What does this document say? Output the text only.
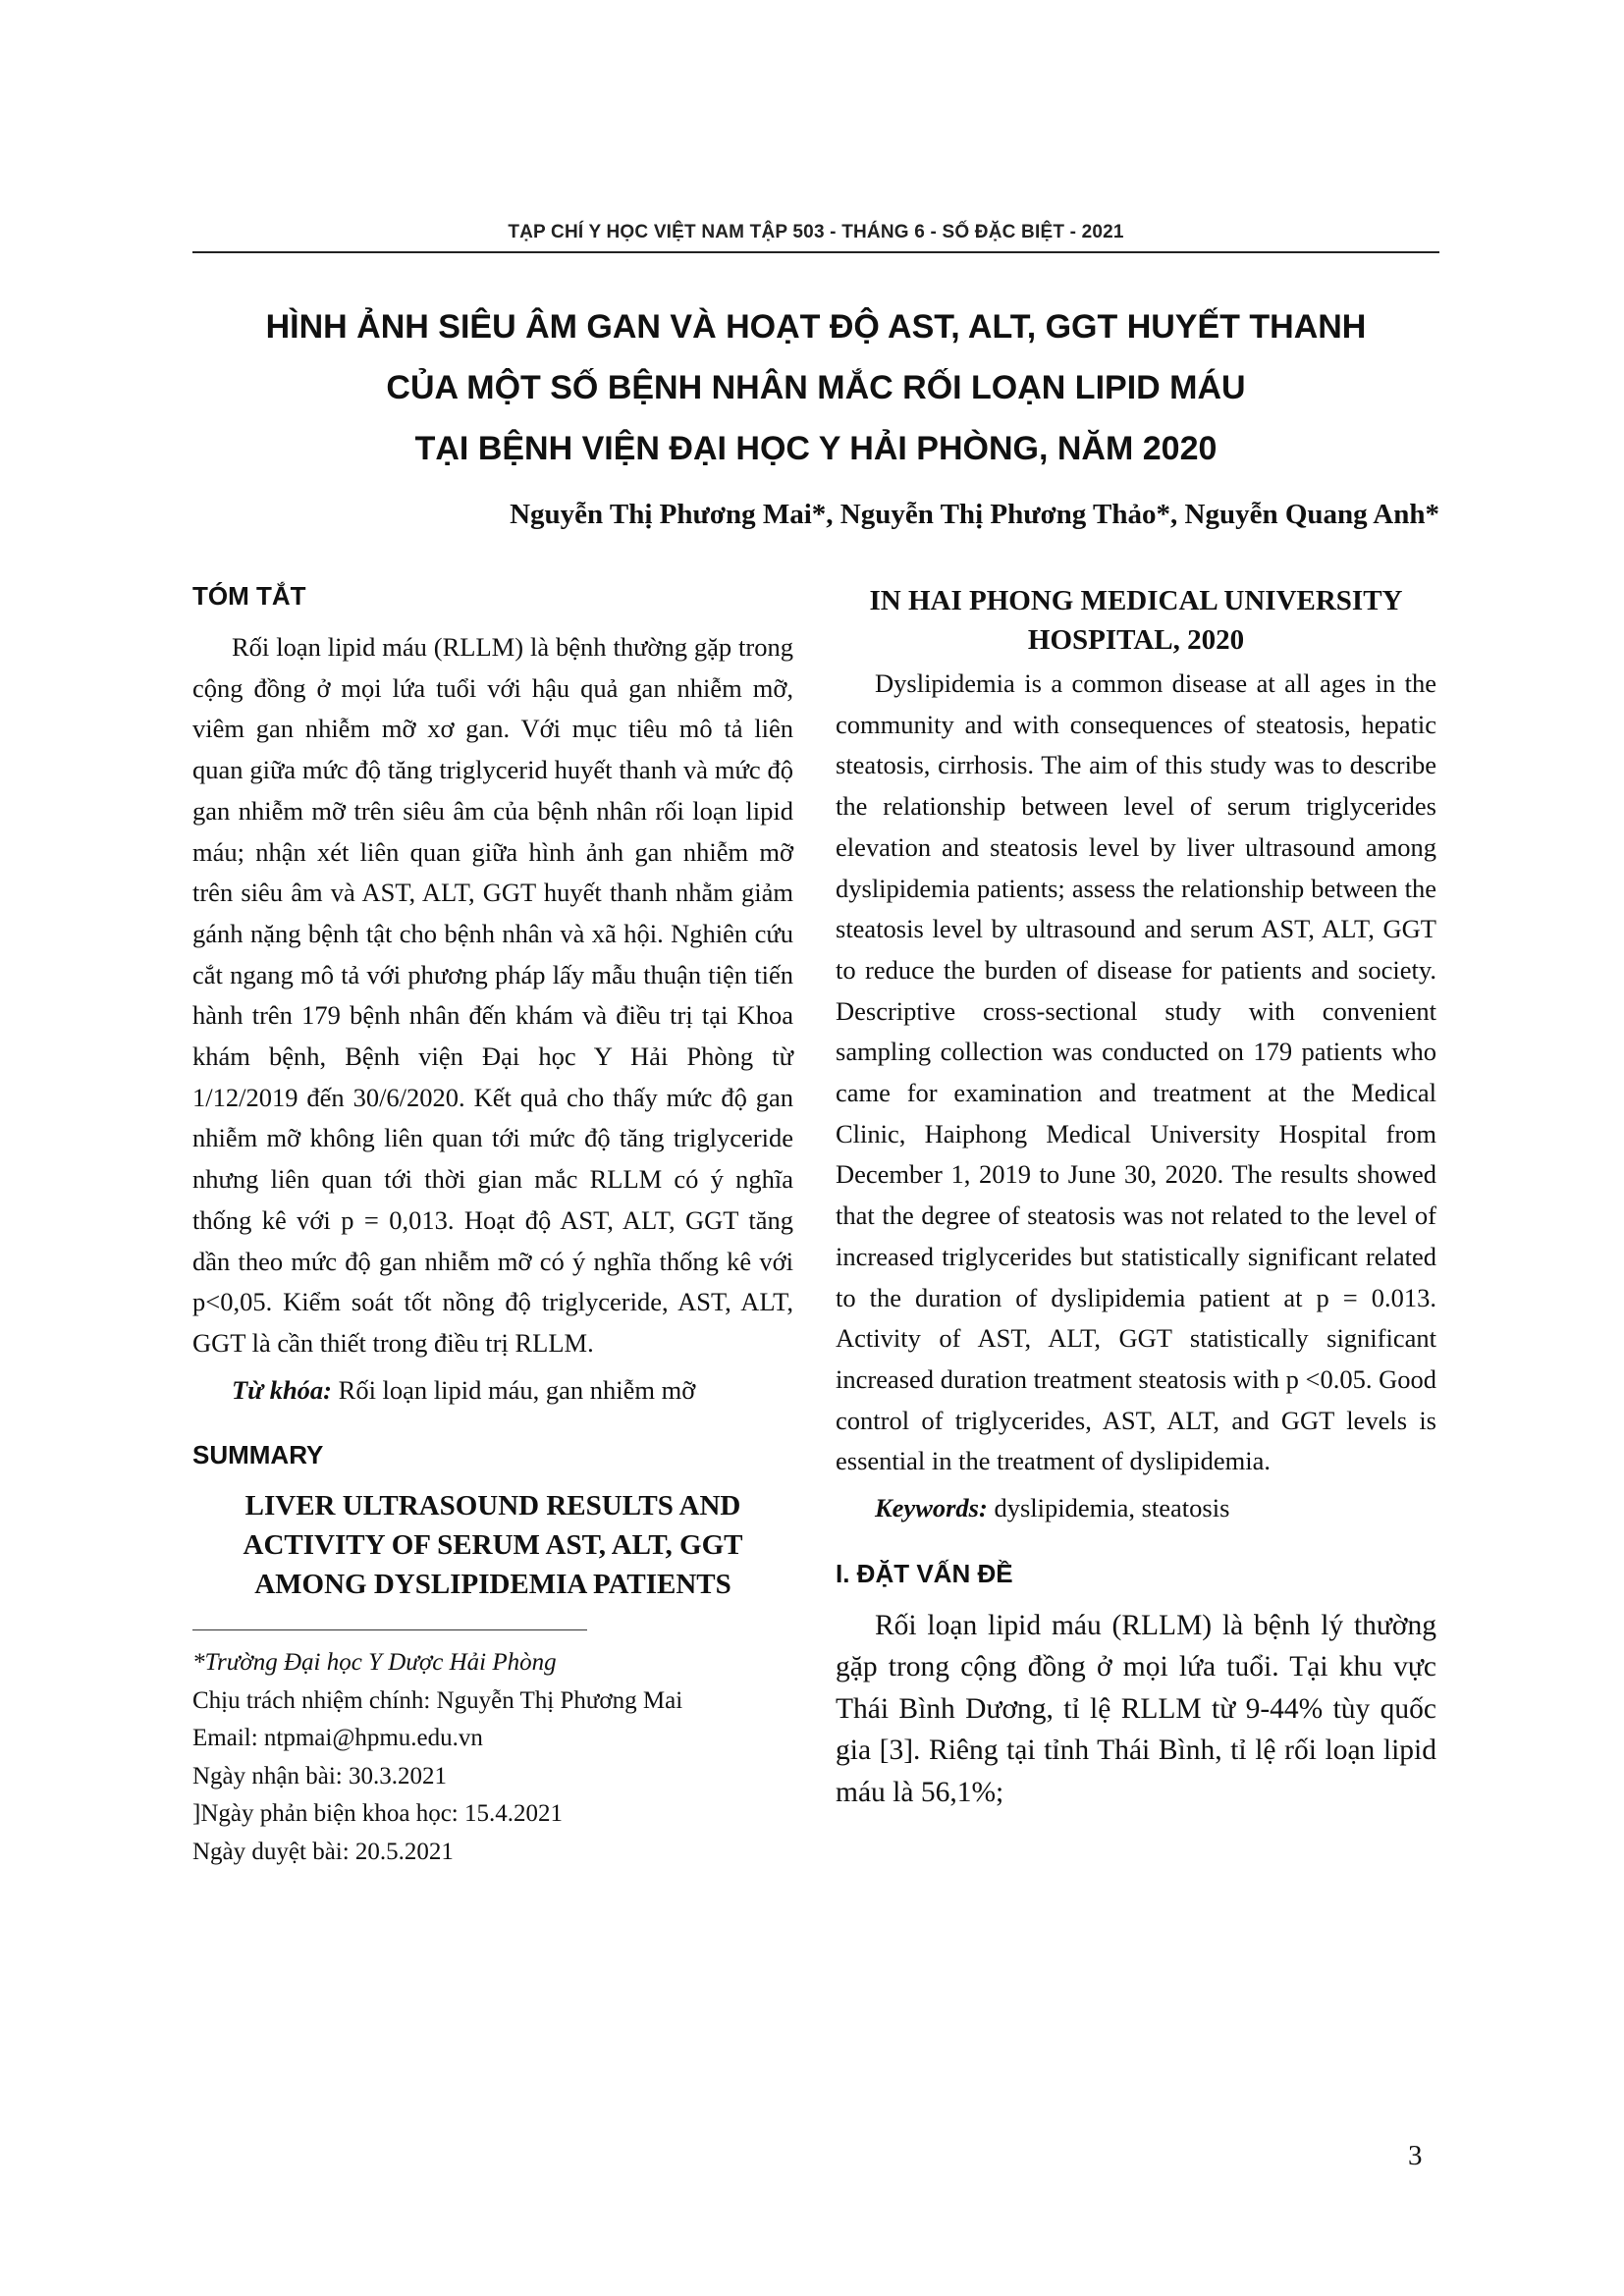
TẠP CHÍ Y HỌC VIỆT NAM TẬP 503 - THÁNG 6 - SỐ ĐẶC BIỆT - 2021
HÌNH ẢNH SIÊU ÂM GAN VÀ HOẠT ĐỘ AST, ALT, GGT HUYẾT THANH
CỦA MỘT SỐ BỆNH NHÂN MẮC RỐI LOẠN LIPID MÁU
TẠI BỆNH VIỆN ĐẠI HỌC Y HẢI PHÒNG, NĂM 2020
Nguyễn Thị Phương Mai*, Nguyễn Thị Phương Thảo*, Nguyễn Quang Anh*
TÓM TẮT

Rối loạn lipid máu (RLLM) là bệnh thường gặp trong cộng đồng ở mọi lứa tuổi với hậu quả gan nhiễm mỡ, viêm gan nhiễm mỡ xơ gan. Với mục tiêu mô tả liên quan giữa mức độ tăng triglycerid huyết thanh và mức độ gan nhiễm mỡ trên siêu âm của bệnh nhân rối loạn lipid máu; nhận xét liên quan giữa hình ảnh gan nhiễm mỡ trên siêu âm và AST, ALT, GGT huyết thanh nhằm giảm gánh nặng bệnh tật cho bệnh nhân và xã hội. Nghiên cứu cắt ngang mô tả với phương pháp lấy mẫu thuận tiện tiến hành trên 179 bệnh nhân đến khám và điều trị tại Khoa khám bệnh, Bệnh viện Đại học Y Hải Phòng từ 1/12/2019 đến 30/6/2020. Kết quả cho thấy mức độ gan nhiễm mỡ không liên quan tới mức độ tăng triglyceride nhưng liên quan tới thời gian mắc RLLM có ý nghĩa thống kê với p = 0,013. Hoạt độ AST, ALT, GGT tăng dần theo mức độ gan nhiễm mỡ có ý nghĩa thống kê với p<0,05. Kiểm soát tốt nồng độ triglyceride, AST, ALT, GGT là cần thiết trong điều trị RLLM.

Từ khóa: Rối loạn lipid máu, gan nhiễm mỡ

SUMMARY

LIVER ULTRASOUND RESULTS AND ACTIVITY OF SERUM AST, ALT, GGT AMONG DYSLIPIDEMIA PATIENTS

*Trường Đại học Y Dược Hải Phòng
Chịu trách nhiệm chính: Nguyễn Thị Phương Mai
Email: ntpmai@hpmu.edu.vn
Ngày nhận bài: 30.3.2021
]Ngày phản biện khoa học: 15.4.2021
Ngày duyệt bài: 20.5.2021

IN HAI PHONG MEDICAL UNIVERSITY HOSPITAL, 2020

Dyslipidemia is a common disease at all ages in the community and with consequences of steatosis, hepatic steatosis, cirrhosis. The aim of this study was to describe the relationship between level of serum triglycerides elevation and steatosis level by liver ultrasound among dyslipidemia patients; assess the relationship between the steatosis level by ultrasound and serum AST, ALT, GGT to reduce the burden of disease for patients and society. Descriptive cross-sectional study with convenient sampling collection was conducted on 179 patients who came for examination and treatment at the Medical Clinic, Haiphong Medical University Hospital from December 1, 2019 to June 30, 2020. The results showed that the degree of steatosis was not related to the level of increased triglycerides but statistically significant related to the duration of dyslipidemia patient at p = 0.013. Activity of AST, ALT, GGT statistically significant increased duration treatment steatosis with p <0.05. Good control of triglycerides, AST, ALT, and GGT levels is essential in the treatment of dyslipidemia.

Keywords: dyslipidemia, steatosis

I. ĐẶT VẤN ĐỀ

Rối loạn lipid máu (RLLM) là bệnh lý thường gặp trong cộng đồng ở mọi lứa tuổi. Tại khu vực Thái Bình Dương, tỉ lệ RLLM từ 9-44% tùy quốc gia [3]. Riêng tại tỉnh Thái Bình, tỉ lệ rối loạn lipid máu là 56,1%;

3
